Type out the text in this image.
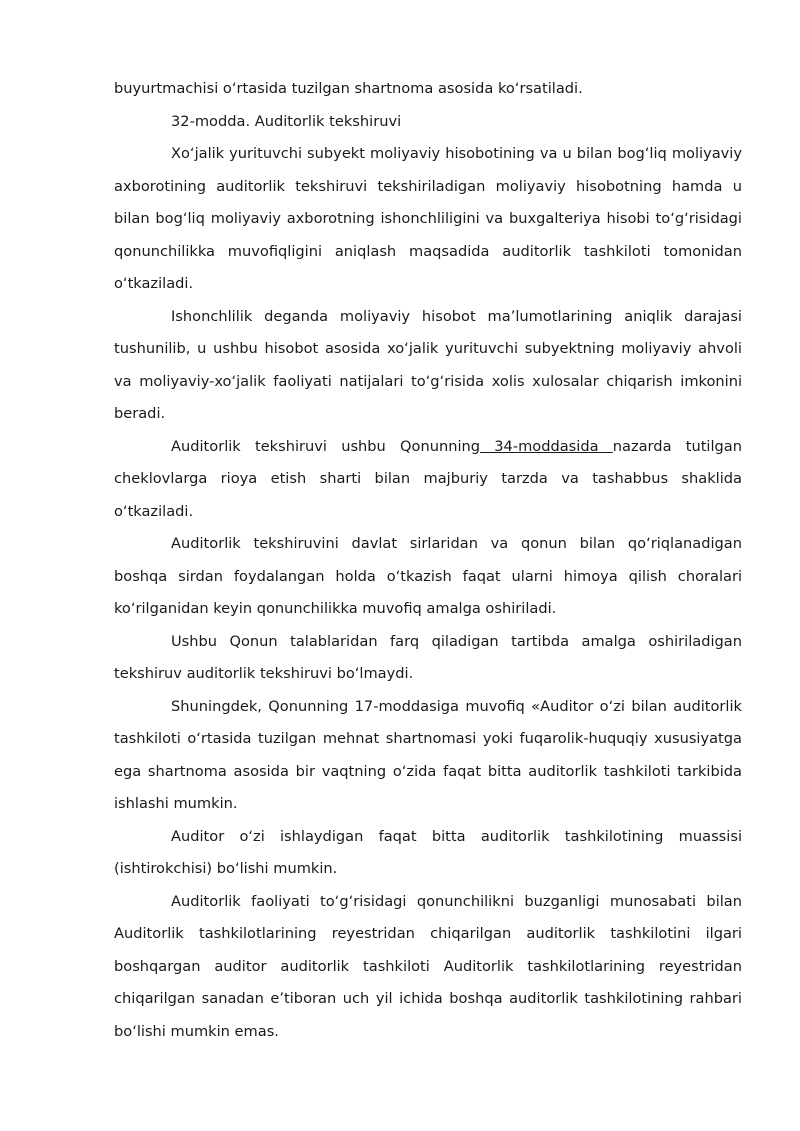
buyurtmachisi o‘rtasida tuzilgan shartnoma asosida ko‘rsatiladi.

32-modda. Auditorlik tekshiruvi

Xo‘jalik yurituvchi subyekt moliyaviy hisobotining va u bilan bog‘liq moliyaviy axborotining auditorlik tekshiruvi tekshiriladigan moliyaviy hisobotning hamda u bilan bog‘liq moliyaviy axborotning ishonchliligini va buxgalteriya hisobi to‘g‘risidagi qonunchilikka muvofiqligini aniqlash maqsadida auditorlik tashkiloti tomonidan o‘tkaziladi.

Ishonchlilik deganda moliyaviy hisobot ma’lumotlarining aniqlik darajasi tushunilib, u ushbu hisobot asosida xo‘jalik yurituvchi subyektning moliyaviy ahvoli va moliyaviy-xo‘jalik faoliyati natijalari to‘g‘risida xolis xulosalar chiqarish imkonini beradi.

Auditorlik tekshiruvi ushbu Qonunning 34-moddasida nazarda tutilgan cheklovlarga rioya etish sharti bilan majburiy tarzda va tashabbus shaklida o‘tkaziladi.

Auditorlik tekshiruvini davlat sirlaridan va qonun bilan qo‘riqlanadigan boshqa sirdan foydalangan holda o‘tkazish faqat ularni himoya qilish choralari ko‘rilganidan keyin qonunchilikka muvofiq amalga oshiriladi.

Ushbu Qonun talablaridan farq qiladigan tartibda amalga oshiriladigan tekshiruv auditorlik tekshiruvi bo‘lmaydi.

Shuningdek, Qonunning 17-moddasiga muvofiq «Auditor o‘zi bilan auditorlik tashkiloti o‘rtasida tuzilgan mehnat shartnomasi yoki fuqarolik-huquqiy xususiyatga ega shartnoma asosida bir vaqtning o‘zida faqat bitta auditorlik tashkiloti tarkibida ishlashi mumkin.

Auditor o‘zi ishlaydigan faqat bitta auditorlik tashkilotining muassisi (ishtirokchisi) bo‘lishi mumkin.

Auditorlik faoliyati to‘g‘risidagi qonunchilikni buzganligi munosabati bilan Auditorlik tashkilotlarining reyestridan chiqarilgan auditorlik tashkilotini ilgari boshqargan auditor auditorlik tashkiloti Auditorlik tashkilotlarining reyestridan chiqarilgan sanadan e’tiboran uch yil ichida boshqa auditorlik tashkilotining rahbari bo‘lishi mumkin emas.
